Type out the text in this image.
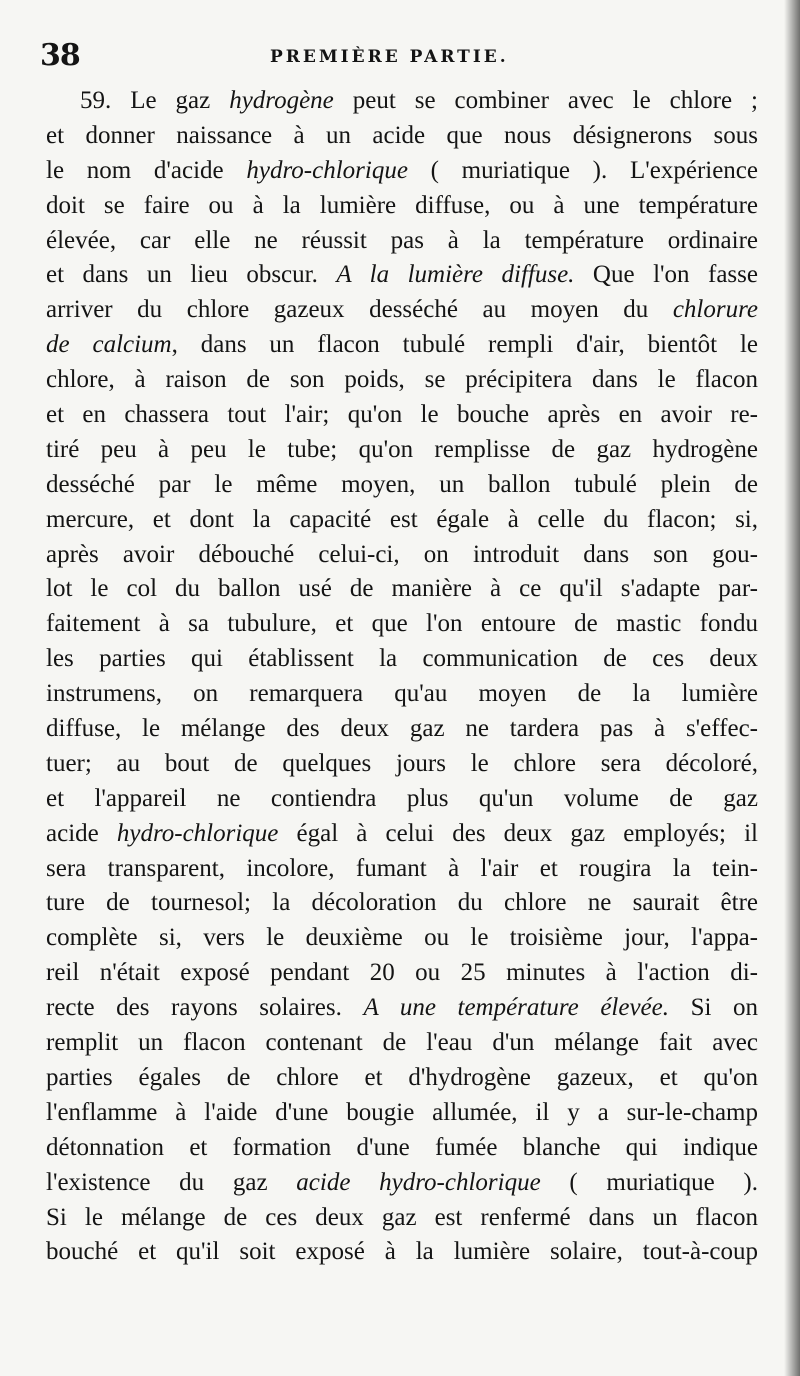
38	PREMIÈRE PARTIE.
59. Le gaz hydrogène peut se combiner avec le chlore ;
et donner naissance à un acide que nous désignerons sous
le nom d'acide hydro-chlorique ( muriatique ). L'expérience
doit se faire ou à la lumière diffuse, ou à une température
élevée, car elle ne réussit pas à la température ordinaire
et dans un lieu obscur. A la lumière diffuse. Que l'on fasse
arriver du chlore gazeux desséché au moyen du chlorure
de calcium, dans un flacon tubulé rempli d'air, bientôt le
chlore, à raison de son poids, se précipitera dans le flacon
et en chassera tout l'air; qu'on le bouche après en avoir re-
tiré peu à peu le tube; qu'on remplisse de gaz hydrogène
desséché par le même moyen, un ballon tubulé plein de
mercure, et dont la capacité est égale à celle du flacon; si,
après avoir débouché celui-ci, on introduit dans son gou-
lot le col du ballon usé de manière à ce qu'il s'adapte par-
faitement à sa tubulure, et que l'on entoure de mastic fondu
les parties qui établissent la communication de ces deux
instrumens, on remarquera qu'au moyen de la lumière
diffuse, le mélange des deux gaz ne tardera pas à s'effec-
tuer; au bout de quelques jours le chlore sera décoloré,
et l'appareil ne contiendra plus qu'un volume de gaz
acide hydro-chlorique égal à celui des deux gaz employés; il
sera transparent, incolore, fumant à l'air et rougira la tein-
ture de tournesol; la décoloration du chlore ne saurait être
complète si, vers le deuxième ou le troisième jour, l'appa-
reil n'était exposé pendant 20 ou 25 minutes à l'action di-
recte des rayons solaires. A une température élevée. Si on
remplit un flacon contenant de l'eau d'un mélange fait avec
parties égales de chlore et d'hydrogène gazeux, et qu'on
l'enflamme à l'aide d'une bougie allumée, il y a sur-le-champ
détonnation et formation d'une fumée blanche qui indique
l'existence du gaz acide hydro-chlorique ( muriatique ).
Si le mélange de ces deux gaz est renfermé dans un flacon
bouché et qu'il soit exposé à la lumière solaire, tout-à-coup
